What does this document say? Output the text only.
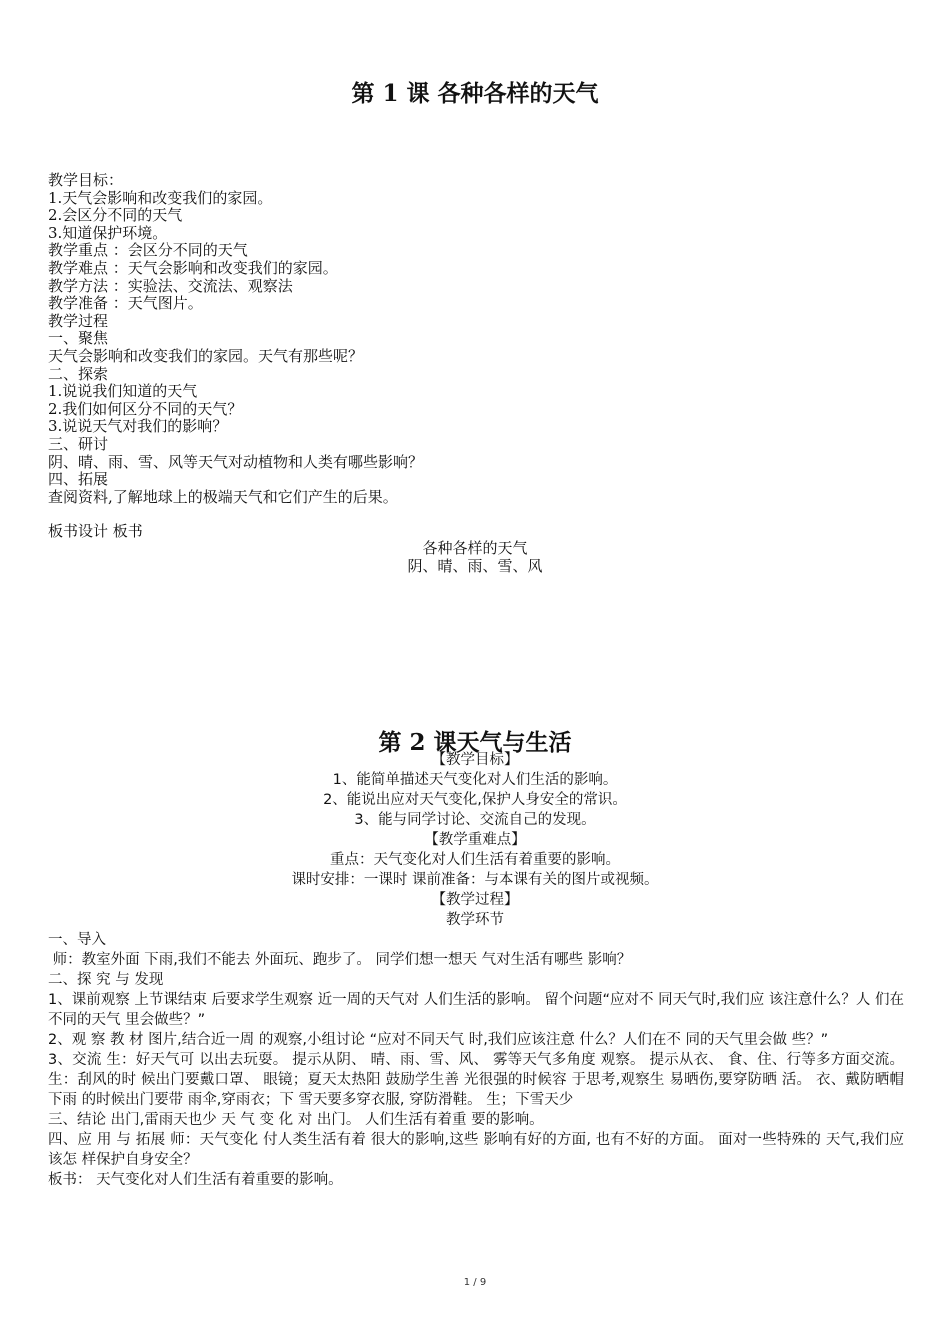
第 1 课 各种各样的天气
教学目标：
1.天气会影响和改变我们的家园。
2.会区分不同的天气
3.知道保护环境。
教学重点 ：会区分不同的天气
教学难点 ：天气会影响和改变我们的家园。
教学方法 ：实验法、交流法、观察法
教学准备 ：天气图片。
教学过程
一、聚焦
天气会影响和改变我们的家园。天气有那些呢？
二、探索
1.说说我们知道的天气
2.我们如何区分不同的天气？
3.说说天气对我们的影响？
三、研讨
阴、晴、雨、雪、风等天气对动植物和人类有哪些影响？
四、拓展
查阅资料,了解地球上的极端天气和它们产生的后果。
板书设计 板书
各种各样的天气
阴、晴、雨、雪、风
第 2 课天气与生活
【教学目标】
1、能简单描述天气变化对人们生活的影响。
2、能说出应对天气变化,保护人身安全的常识。
3、能与同学讨论、交流自己的发现。
【教学重难点】
重点：天气变化对人们生活有着重要的影响。
课时安排：一课时 课前准备：与本课有关的图片或视频。
【教学过程】
教学环节
一、导入
师：教室外面 下雨,我们不能去 外面玩、跑步了。 同学们想一想天 气对生活有哪些 影响？
二、探 究 与 发现
1、课前观察 上节课结束 后要求学生观察 近一周的天气对 人们生活的影响。 留个问题“应对不 同天气时,我们应 该注意什么？人 们在不同的天气 里会做些？”
2、观 察 教 材 图片,结合近一周 的观察,小组讨论 “应对不同天气 时,我们应该注意 什么？人们在不 同的天气里会做 些？”
3、交流 生：好天气可 以出去玩耍。 提示从阴、 晴、雨、雪、风、 雾等天气多角度 观察。 提示从衣、 食、住、行等多方面交流。 生：刮风的时 候出门要戴口罩、 眼镜；夏天太热阳 鼓励学生善 光很强的时候容 于思考,观察生 易晒伤,要穿防晒 活。 衣、戴防晒帽下雨 的时候出门要带 雨伞,穿雨衣；下 雪天要多穿衣服, 穿防滑鞋。 生；下雪天少
三、结论 出门,雷雨天也少 天 气 变 化 对 出门。 人们生活有着重 要的影响。
四、应 用 与 拓展 师：天气变化 付人类生活有着 很大的影响,这些 影响有好的方面, 也有不好的方面。 面对一些特殊的 天气,我们应该怎 样保护自身安全？
板书： 天气变化对人们生活有着重要的影响。
1 / 9
